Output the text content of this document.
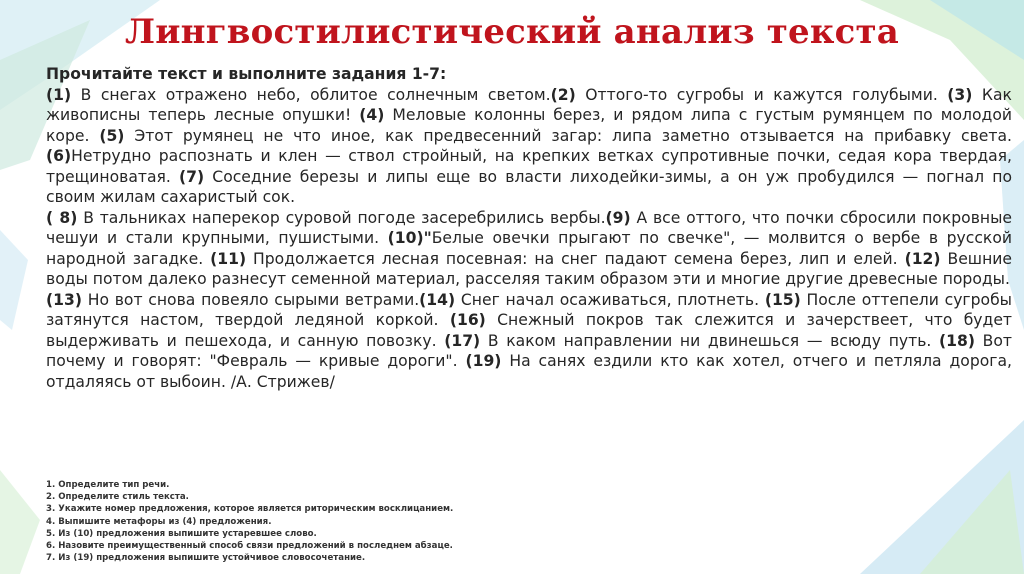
Лингвостилистический анализ текста
Прочитайте текст и выполните задания 1-7:

(1) В снегах отражено небо, облитое солнечным светом.(2) Оттого-то сугробы и кажутся голубыми. (3) Как живописны теперь лесные опушки! (4) Меловые колонны берез, и рядом липа с густым румянцем по молодой коре. (5) Этот румянец не что иное, как предвесенний загар: липа заметно отзывается на прибавку света. (6)Нетрудно распознать и клен — ствол стройный, на крепких ветках супротивные почки, седая кора твердая, трещиноватая. (7) Соседние березы и липы еще во власти лиходейки-зимы, а он уж пробудился — погнал по своим жилам сахаристый сок.

( 8) В тальниках наперекор суровой погоде засеребрились вербы.(9) А все оттого, что почки сбросили покровные чешуи и стали крупными, пушистыми. (10)"Белые овечки прыгают по свечке", — молвится о вербе в русской народной загадке. (11) Продолжается лесная посевная: на снег падают семена берез, лип и елей. (12) Вешние воды потом далеко разнесут семенной материал, расселяя таким образом эти и многие другие древесные породы.

(13) Но вот снова повеяло сырыми ветрами.(14) Снег начал осаживаться, плотнеть. (15) После оттепели сугробы затянутся настом, твердой ледяной коркой. (16) Снежный покров так слежится и зачерствеет, что будет выдерживать и пешехода, и санную повозку. (17) В каком направлении ни двинешься — всюду путь. (18) Вот почему и говорят: "Февраль — кривые дороги". (19) На санях ездили кто как хотел, отчего и петляла дорога, отдаляясь от выбоин. /А. Стрижев/

1. Определите тип речи.
2. Определите стиль текста.
3. Укажите номер предложения, которое является риторическим восклицанием.
4. Выпишите метафоры из (4) предложения.
5. Из (10) предложения выпишите устаревшее слово.
6. Назовите преимущественный способ связи предложений в последнем абзаце.
7. Из (19) предложения выпишите устойчивое словосочетание.
